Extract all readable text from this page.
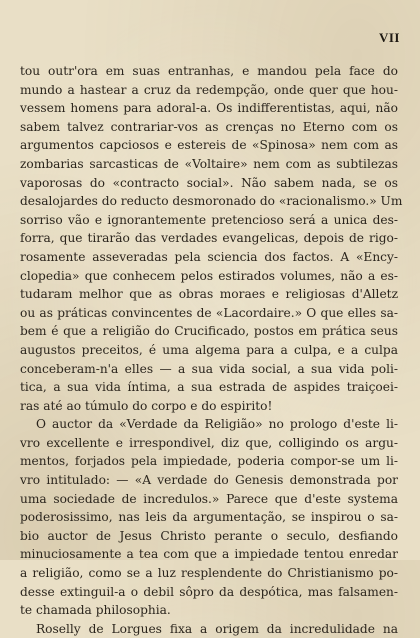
VII
tou outr'ora em suas entranhas, e mandou pela face do
mundo a hastear a cruz da redempção, onde quer que hou-
vessem homens para adoral-a. Os indifferentistas, aqui, não
sabem talvez contrariar-vos as crenças no Eterno com os
argumentos capciosos e estereis de «Spinosa» nem com as
zombarias sarcasticas de «Voltaire» nem com as subtilezas
vaporosas do «contracto social». Não sabem nada, se os
desalojardes do reducto desmoronado do «racionalismo.» Um
sorriso vão e ignorantemente pretencioso será a unica des-
forra, que tirarão das verdades evangelicas, depois de rigo-
rosamente asseveradas pela sciencia dos factos. A «Ency-
clopedia» que conhecem pelos estirados volumes, não a es-
tudaram melhor que as obras moraes e religiosas d'Alletz
ou as práticas convincentes de «Lacordaire.» O que elles sa-
bem é que a religião do Crucificado, postos em prática seus
augustos preceitos, é uma algema para a culpa, e a culpa
conceberam-n'a elles — a sua vida social, a sua vida poli-
tica, a sua vida íntima, a sua estrada de aspides traiçoei-
ras até ao túmulo do corpo e do espirito!
O auctor da «Verdade da Religião» no prologo d'este li-
vro excellente e irrespondivel, diz que, colligindo os argu-
mentos, forjados pela impiedade, poderia compor-se um li-
vro intitulado: — «A verdade do Genesis demonstrada por
uma sociedade de incredulos.» Parece que d'este systema
poderosissimo, nas leis da argumentação, se inspirou o sa-
bio auctor de Jesus Christo perante o seculo, desfiando
minuciosamente a tea com que a impiedade tentou enredar
a religião, como se a luz resplendente do Christianismo po-
desse extinguil-a o debil sôpro da despótica, mas falsamen-
te chamada philosophia.
Roselly de Lorgues fixa a origem da incredulidade na
